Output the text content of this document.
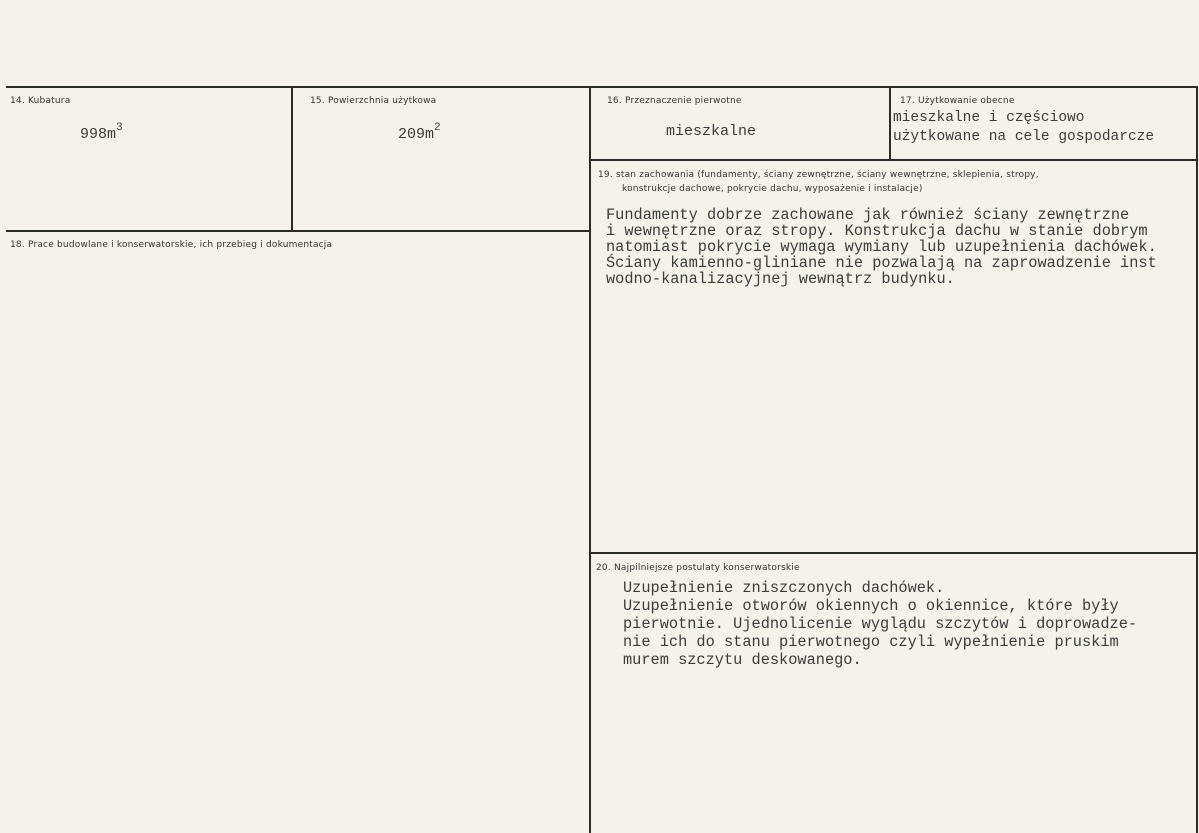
14. Kubatura
$998m^3$
15. Powierzchnia użytkowa
$209m^2$
16. Przeznaczenie pierwotne
mieszkalne
17. Użytkowanie obecne
mieszkalne i częściowo
użytkowane na cele gospodarcze
18. Prace budowlane i konserwatorskie, ich przebieg i dokumentacja
19. stan zachowania (fundamenty, ściany zewnętrzne, ściany wewnętrzne, sklepienia, stropy,
konstrukcje dachowe, pokrycie dachu, wyposażenie i instalacje)
Fundamenty dobrze zachowane jak również ściany zewnętrzne
i wewnętrzne oraz stropy. Konstrukcja dachu w stanie dobrym
natomiast pokrycie wymaga wymiany lub uzupełnienia dachówek.
Ściany kamienno-gliniane nie pozwalają na zaprowadzenie inst
wodno-kanalizacyjnej wewnątrz budynku.
20. Najpilniejsze postulaty konserwatorskie
Uzupełnienie zniszczonych dachówek.
Uzupełnienie otworów okiennych o okiennice, które były
pierwotnie. Ujednolicenie wyglądu szczytów i doprowadze-
nie ich do stanu pierwotnego czyli wypełnienie pruskim
murem szczytu deskowanego.
